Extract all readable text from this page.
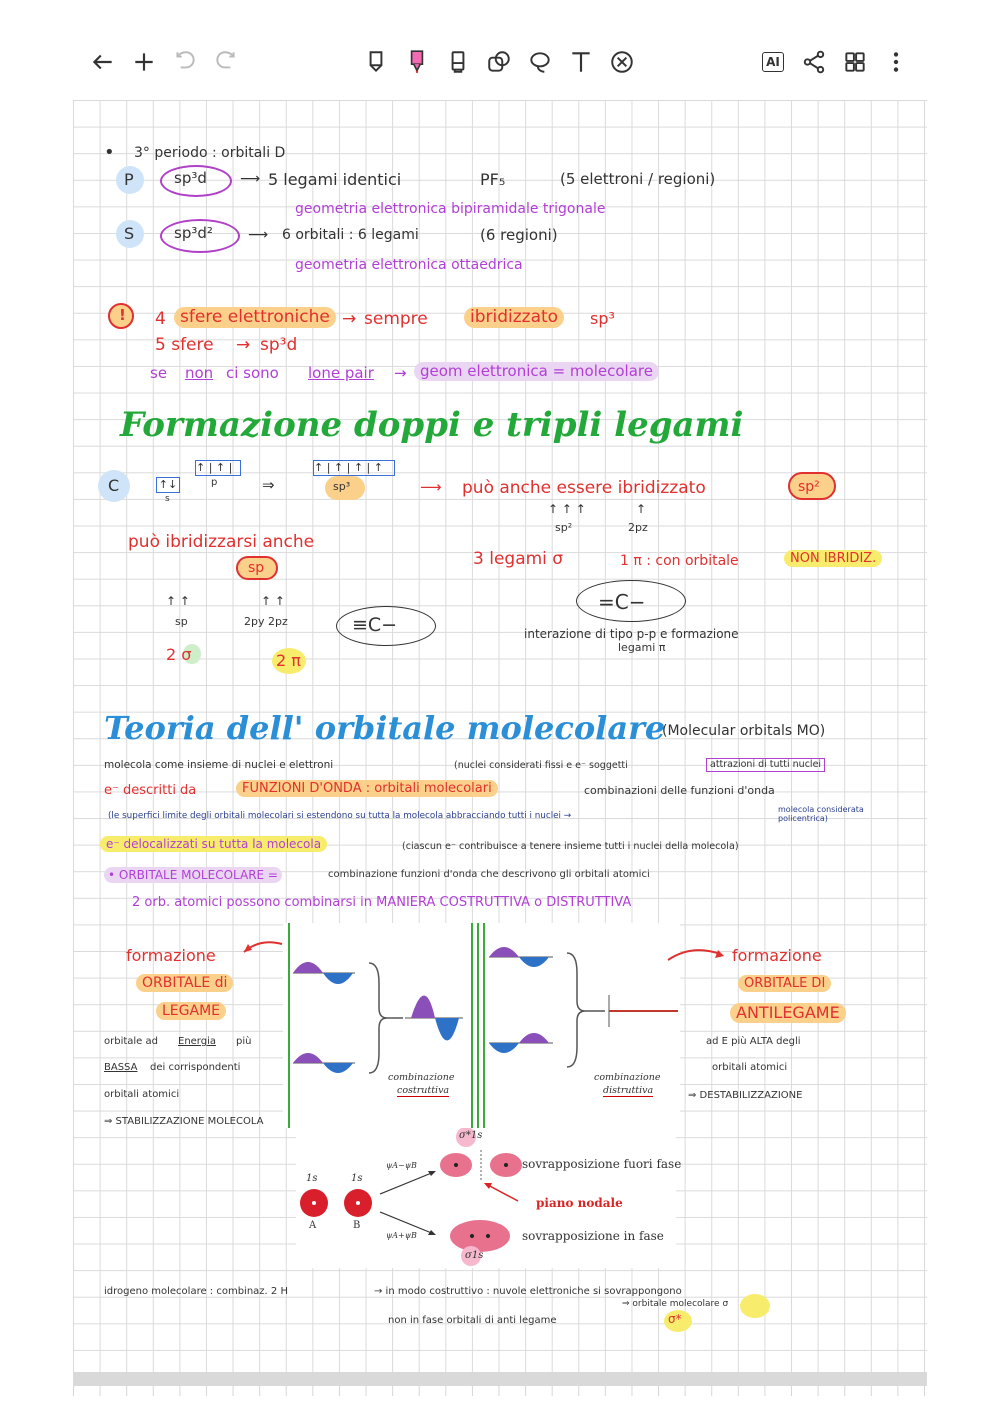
AI
• 3° periodo : orbitali D
P	sp³d ⟶ 5 legami identici	PF₅	(5 elettroni / regioni)
geometria elettronica bipiramidale trigonale
S	sp³d²	⟶ 6 orbitali : 6 legami	(6 regioni)
geometria elettronica ottaedrica
! 4 sfere elettroniche → sempre	ibridizzato	sp³
5 sfere → sp³d
se non ci sono lone pair → geom elettronica = molecolare
Formazione doppi e tripli legami
C	↑↓
s
↑ | ↑ |
p	⇒
↑ | ↑ | ↑ | ↑
sp³	⟶ può anche essere ibridizzato	sp²
↑ ↑ ↑
sp²
↑
2pz
può ibridizzarsi anche
sp	3 legami σ	1 π : con orbitale	NON IBRIDIZ.
=C−
↑ ↑
sp
↑ ↑
2py 2pz	≡C−	interazione di tipo p-p e formazione
legami π
2 σ	2 π
Teoria dell' orbitale molecolare
(Molecular orbitals MO)
molecola come insieme di nuclei e elettroni	(nuclei considerati fissi e e⁻ soggetti	attrazioni di tutti nuclei
e⁻ descritti da	FUNZIONI D'ONDA : orbitali molecolari	combinazioni delle funzioni d'onda
(le superfici limite degli orbitali molecolari si estendono su tutta la molecola abbracciando tutti i nuclei →
molecola considerata policentrica)
e⁻ delocalizzati su tutta la molecola	(ciascun e⁻ contribuisce a tenere insieme tutti i nuclei della molecola)
• ORBITALE MOLECOLARE =	combinazione funzioni d'onda che descrivono gli orbitali atomici
2 orb. atomici possono combinarsi in MANIERA COSTRUTTIVA o DISTRUTTIVA
formazione
ORBITALE di
LEGAME
orbitale ad Energia più
BASSA dei corrispondenti
orbitali atomici
⇒ STABILIZZAZIONE MOLECOLA
combinazione
costruttiva
combinazione
distruttiva
formazione
ORBITALE DI
ANTILEGAME
ad E più ALTA degli
orbitali atomici
⇒ DESTABILIZZAZIONE
σ*1s
sovrapposizione fuori fase
piano nodale
sovrapposizione in fase
1s	1s
A	B
ψA−ψB
ψA+ψB
σ1s
idrogeno molecolare : combinaz. 2 H	→ in modo costruttivo : nuvole elettroniche si sovrappongono
⇒ orbitale molecolare σ
non in fase orbitali di anti legame	σ*
